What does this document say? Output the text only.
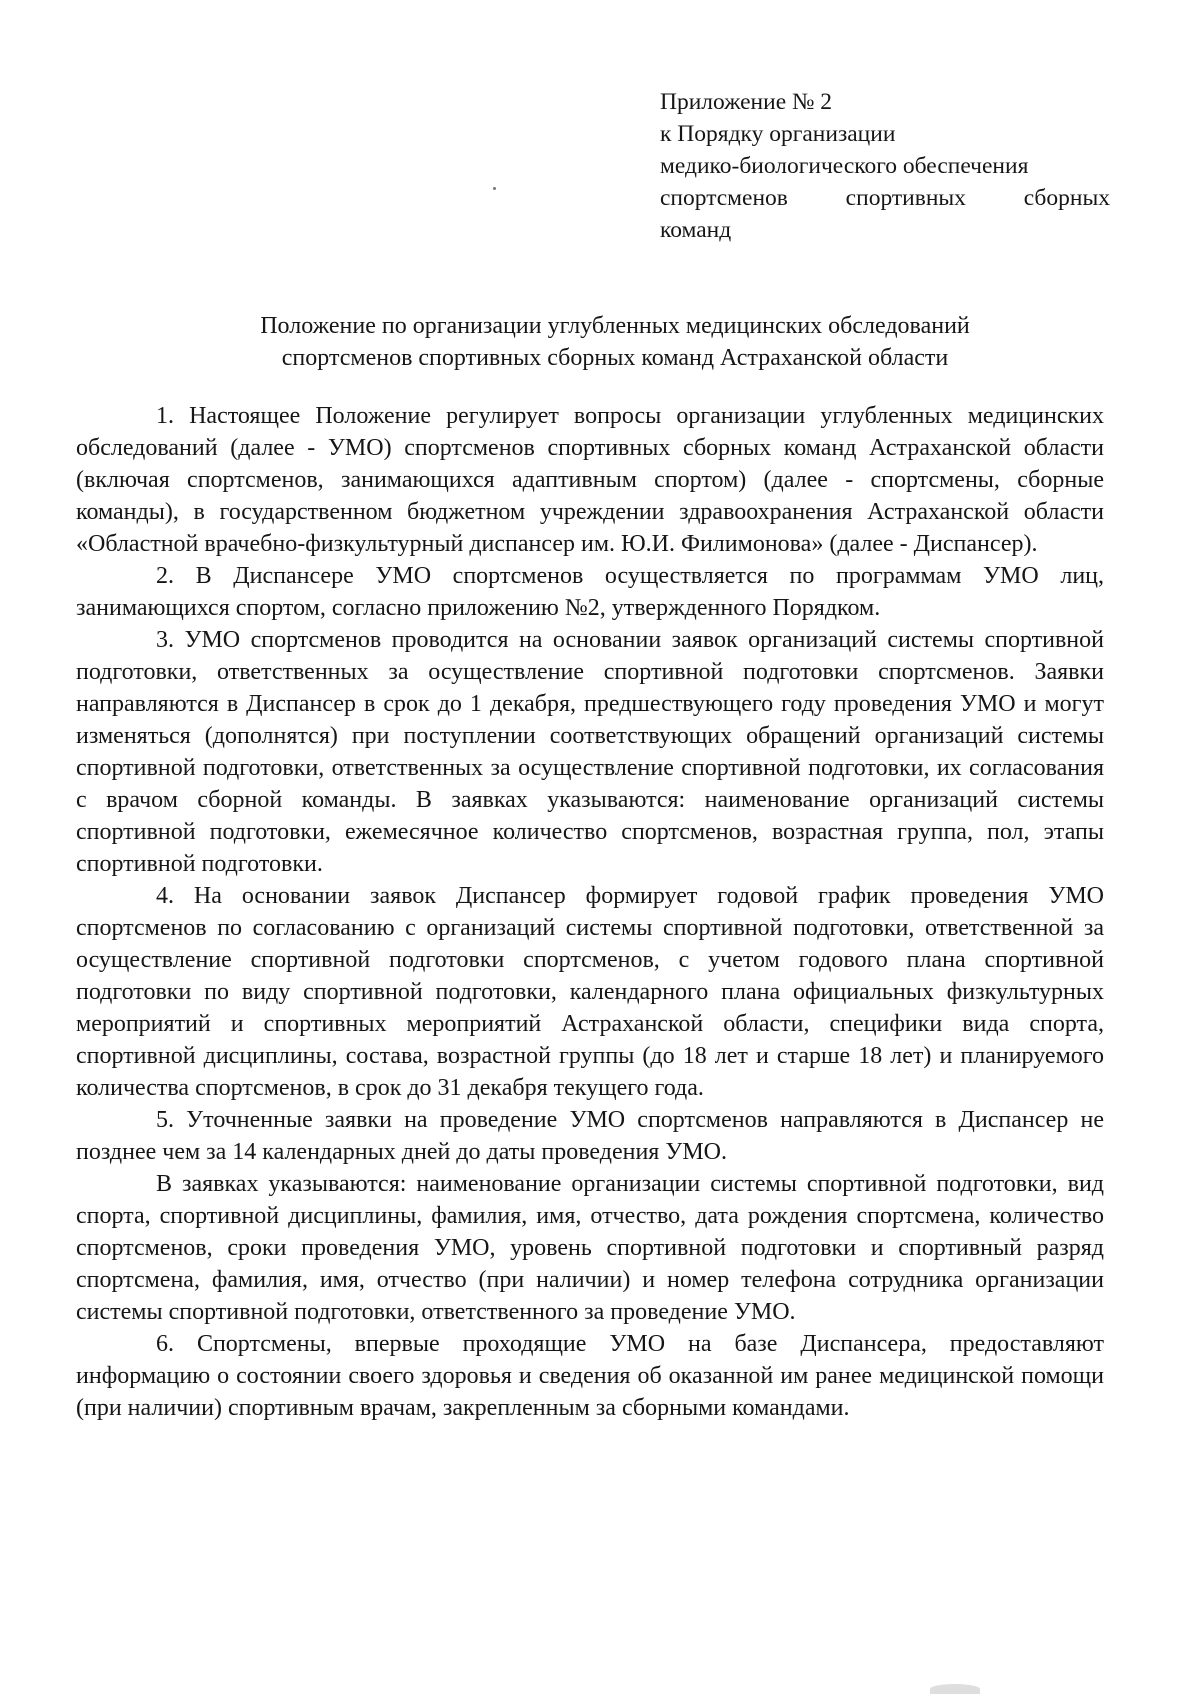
Приложение № 2

к Порядку организации

медико-биологического обеспечения

спортсменов спортивных сборных

команд

Положение по организации углубленных медицинских обследований

спортсменов спортивных сборных команд Астраханской области

1. Настоящее Положение регулирует вопросы организации углубленных медицинских обследований (далее - УМО) спортсменов спортивных сборных команд Астраханской области (включая спортсменов, занимающихся адаптивным спортом) (далее - спортсмены, сборные команды), в государственном бюджетном учреждении здравоохранения Астраханской области «Областной врачебно-физкультурный диспансер им. Ю.И. Филимонова» (далее - Диспансер).

2. В Диспансере УМО спортсменов осуществляется по программам УМО лиц, занимающихся спортом, согласно приложению №2, утвержденного Порядком.

3. УМО спортсменов проводится на основании заявок организаций системы спортивной подготовки, ответственных за осуществление спортивной подготовки спортсменов. Заявки направляются в Диспансер в срок до 1 декабря, предшествующего году проведения УМО и могут изменяться (дополнятся) при поступлении соответствующих обращений организаций системы спортивной подготовки, ответственных за осуществление спортивной подготовки, их согласования с врачом сборной команды. В заявках указываются: наименование организаций системы спортивной подготовки, ежемесячное количество спортсменов, возрастная группа, пол, этапы спортивной подготовки.

4. На основании заявок Диспансер формирует годовой график проведения УМО спортсменов по согласованию с организаций системы спортивной подготовки, ответственной за осуществление спортивной подготовки спортсменов, с учетом годового плана спортивной подготовки по виду спортивной подготовки, календарного плана официальных физкультурных мероприятий и спортивных мероприятий Астраханской области, специфики вида спорта, спортивной дисциплины, состава, возрастной группы (до 18 лет и старше 18 лет) и планируемого количества спортсменов, в срок до 31 декабря текущего года.

5. Уточненные заявки на проведение УМО спортсменов направляются в Диспансер не позднее чем за 14 календарных дней до даты проведения УМО.

В заявках указываются: наименование организации системы спортивной подготовки, вид спорта, спортивной дисциплины, фамилия, имя, отчество, дата рождения спортсмена, количество спортсменов, сроки проведения УМО, уровень спортивной подготовки и спортивный разряд спортсмена, фамилия, имя, отчество (при наличии) и номер телефона сотрудника организации системы спортивной подготовки, ответственного за проведение УМО.

6. Спортсмены, впервые проходящие УМО на базе Диспансера, предоставляют информацию о состоянии своего здоровья и сведения об оказанной им ранее медицинской помощи (при наличии) спортивным врачам, закрепленным за сборными командами.
